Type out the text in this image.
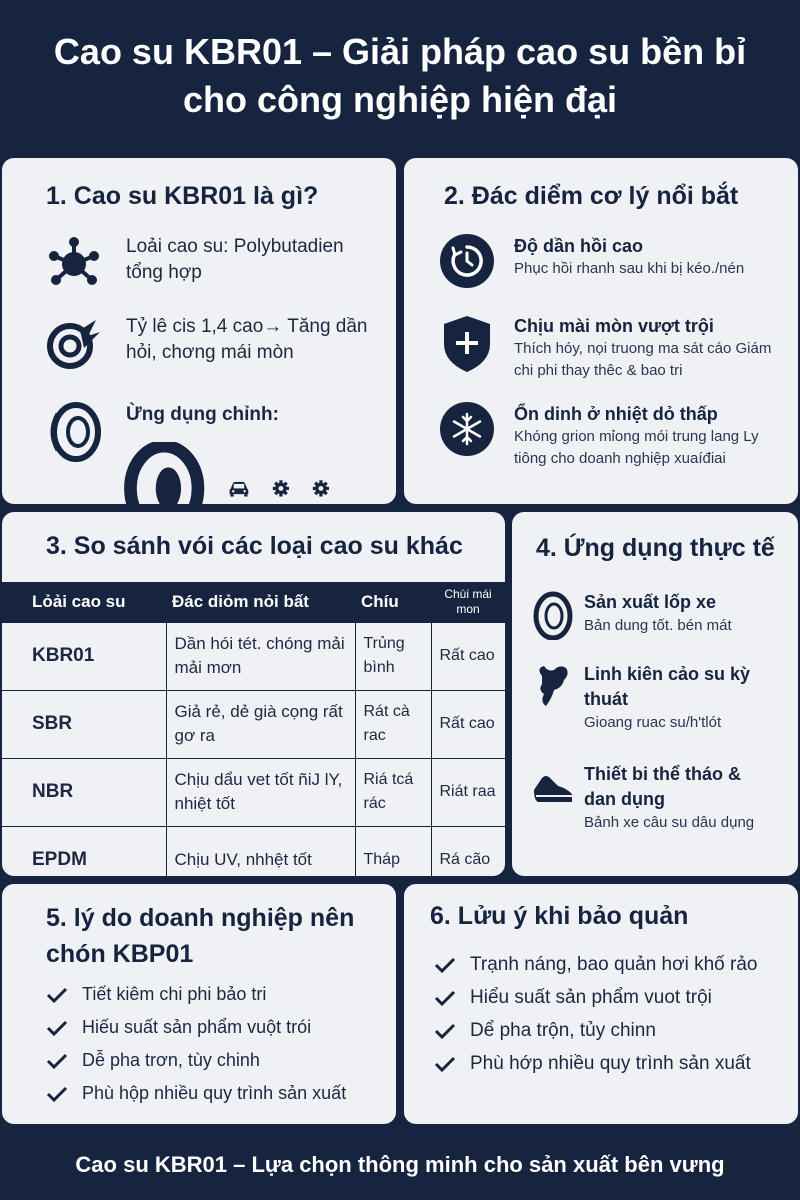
Cao su KBR01 – Giải pháp cao su bền bỉ cho công nghiệp hiện đại
1. Cao su KBR01 là gì?
Loải cao su: Polybutadien tổng hợp
Tỷ lê cis 1,4 cao→ Tăng dần hỏi, chơng mái mòn
Ừng dụng chỉnh:
2. Đác diểm cơ lý nổi bắt
Độ dần hồi cao

Phục hồi rhanh sau khi bị kéo./nén

Chịu mài mòn vượt trội

Thích hóy, nọi truong ma sát cáo Giám chi phi thay thêc & bao tri

Ổn dinh ở nhiệt dỏ thấp

Khóng grion mỉong mói trung lang Ly tiông cho doanh nghiệp xuaíđiai

3. So sánh vói các loại cao su khác
Lỏải cao su	Đác diỏm nỏi bất	Chíu	Chùi mái mon
KBR01	Dần hói tét. chóng mải mải mơn	Trủng bình	Rất cao
SBR	Giả rẻ, dẻ già cọng rất gơ ra	Rát cà rac	Rất cao
NBR	Chịu dẩu vet tốt ñiJ lY, nhiệt tốt	Riá tcá rác	Riát raa
EPDM	Chịu UV, nhhệt tốt	Tháp	Rá cão
4. Ứng dụng thực tế
Sản xuất lốp xe

Bản dung tốt. bén mát

Linh kiên cảo su kỳ thuát

Gioang ruac su/h'tlót

Thiết bi thể tháo & dan dụng

Bảnh xe câu su dâu dụng

5. lý do doanh nghiệp nên chón KBP01
Tiết kiêm chi phi bảo tri
Hiếu suất sản phẩm vuột trói
Dễ pha trơn, tùy chinh
Phù hộp nhiều quy trình sản xuất
6. Lửu ý khi bảo quản
Trạnh náng, bao quản hơi khố rảo
Hiểu suất sản phẩm vuot trội
Dể pha trộn, tủy chinn
Phù hớp nhiều quy trình sản xuất
Cao su KBR01 – Lựa chọn thông minh cho sản xuất bên vưng
